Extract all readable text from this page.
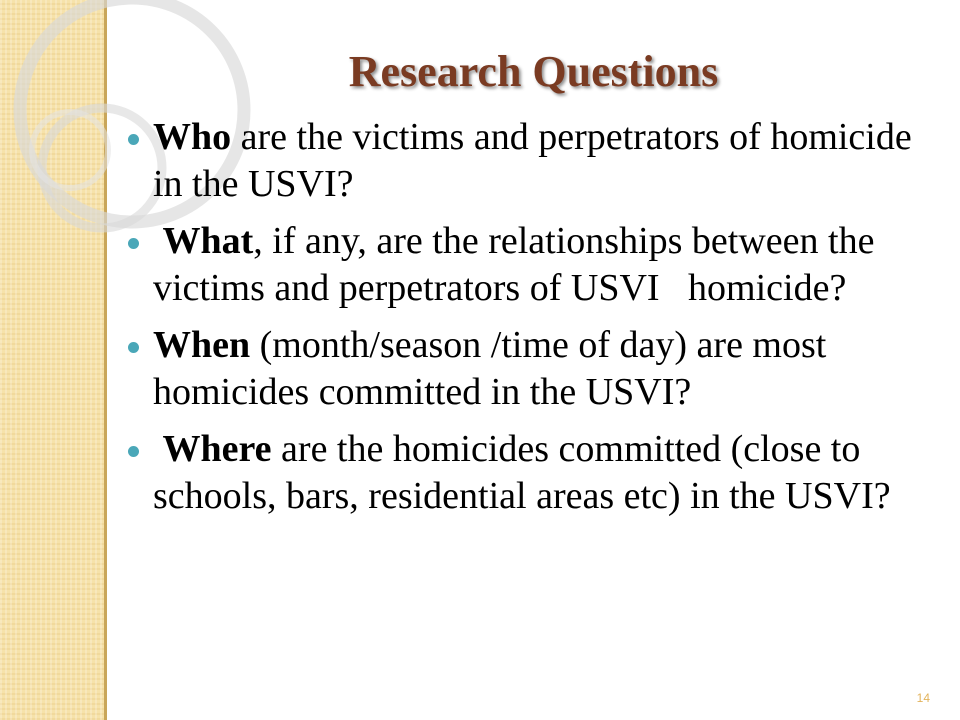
Research Questions
Who are the victims and perpetrators of homicide in the USVI?
What, if any, are the relationships between the victims and perpetrators of USVI   homicide?
When (month/season /time of day) are most homicides committed in the USVI?
Where are the homicides committed (close to schools, bars, residential areas etc) in the USVI?
14
